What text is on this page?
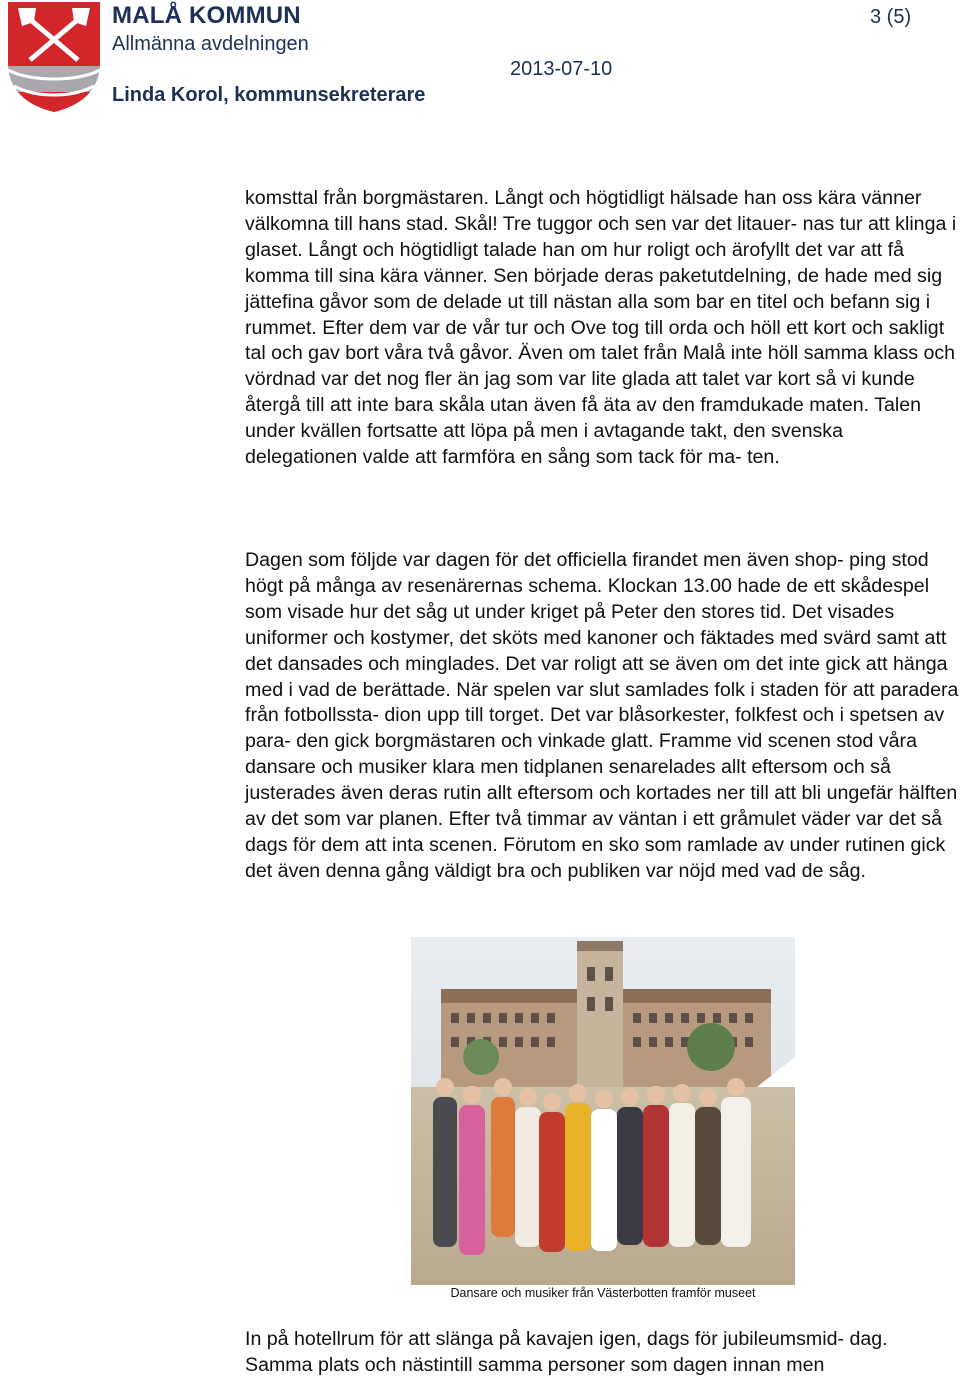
MALÅ KOMMUN
Allmänna avdelningen
Linda Korol, kommunsekreterare
2013-07-10
3 (5)

komsttal från borgmästaren. Långt och högtidligt hälsade han oss kära vänner välkomna till hans stad. Skål! Tre tuggor och sen var det litauer- nas tur att klinga i glaset. Långt och högtidligt talade han om hur roligt och ärofyllt det var att få komma till sina kära vänner. Sen började deras paketutdelning, de hade med sig jättefina gåvor som de delade ut till nästan alla som bar en titel och befann sig i rummet. Efter dem var de vår tur och Ove tog till orda och höll ett kort och sakligt tal och gav bort våra två gåvor. Även om talet från Malå inte höll samma klass och vördnad var det nog fler än jag som var lite glada att talet var kort så vi kunde återgå till att inte bara skåla utan även få äta av den framdukade maten. Talen under kvällen fortsatte att löpa på men i avtagande takt, den svenska delegationen valde att farmföra en sång som tack för ma- ten.

Dagen som följde var dagen för det officiella firandet men även shop- ping stod högt på många av resenärernas schema. Klockan 13.00 hade de ett skådespel som visade hur det såg ut under kriget på Peter den stores tid. Det visades uniformer och kostymer, det sköts med kanoner och fäktades med svärd samt att det dansades och minglades. Det var roligt att se även om det inte gick att hänga med i vad de berättade. När spelen var slut samlades folk i staden för att paradera från fotbollssta- dion upp till torget. Det var blåsorkester, folkfest och i spetsen av para- den gick borgmästaren och vinkade glatt. Framme vid scenen stod våra dansare och musiker klara men tidplanen senarelades allt eftersom och så justerades även deras rutin allt eftersom och kortades ner till att bli ungefär hälften av det som var planen. Efter två timmar av väntan i ett gråmulet väder var det så dags för dem att inta scenen. Förutom en sko som ramlade av under rutinen gick det även denna gång väldigt bra och publiken var nöjd med vad de såg.

Dansare och musiker från Västerbotten framför museet

In på hotellrum för att slänga på kavajen igen, dags för jubileumsmid- dag. Samma plats och nästintill samma personer som dagen innan men
